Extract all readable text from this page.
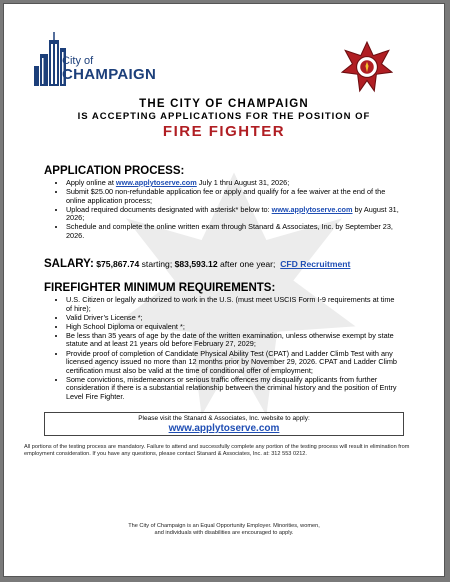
City of
CHAMPAIGN
THE CITY OF CHAMPAIGN
IS ACCEPTING APPLICATIONS FOR THE POSITION OF
FIRE FIGHTER

APPLICATION PROCESS:

• Apply online at www.applytoserve.com July 1 thru August 31, 2026;
• Submit $25.00 non-refundable application fee or apply and qualify for a fee waiver at the end of the online application process;
• Upload required documents designated with asterisk* below to: www.applytoserve.com by August 31, 2026;
• Schedule and complete the online written exam through Stanard & Associates, Inc. by September 23, 2026.
SALARY: $75,867.74 starting; $83,593.12 after one year; CFD Recruitment

FIREFIGHTER MINIMUM REQUIREMENTS:

• U.S. Citizen or legally authorized to work in the U.S. (must meet USCIS Form I-9 requirements at time of hire);
• Valid Driver’s License *;
• High School Diploma or equivalent *;
• Be less than 35 years of age by the date of the written examination, unless otherwise exempt by state statute and at least 21 years old before February 27, 2029;
• Provide proof of completion of Candidate Physical Ability Test (CPAT) and Ladder Climb Test with any licensed agency issued no more than 12 months prior by November 29, 2026. CPAT and Ladder Climb certification must also be valid at the time of conditional offer of employment;
• Some convictions, misdemeanors or serious traffic offences my disqualify applicants from further consideration if there is a substantial relationship between the criminal history and the position of Entry Level Fire Fighter.
Please visit the Stanard & Associates, Inc. website to apply:
www.applytoserve.com
All portions of the testing process are mandatory. Failure to attend and successfully complete any portion of the testing process will result in elimination from employment consideration. If you have any questions, please contact Stanard & Associates, Inc. at: 312 553 0212.
The City of Champaign is an Equal Opportunity Employer. Minorities, women,
and individuals with disabilities are encouraged to apply.
